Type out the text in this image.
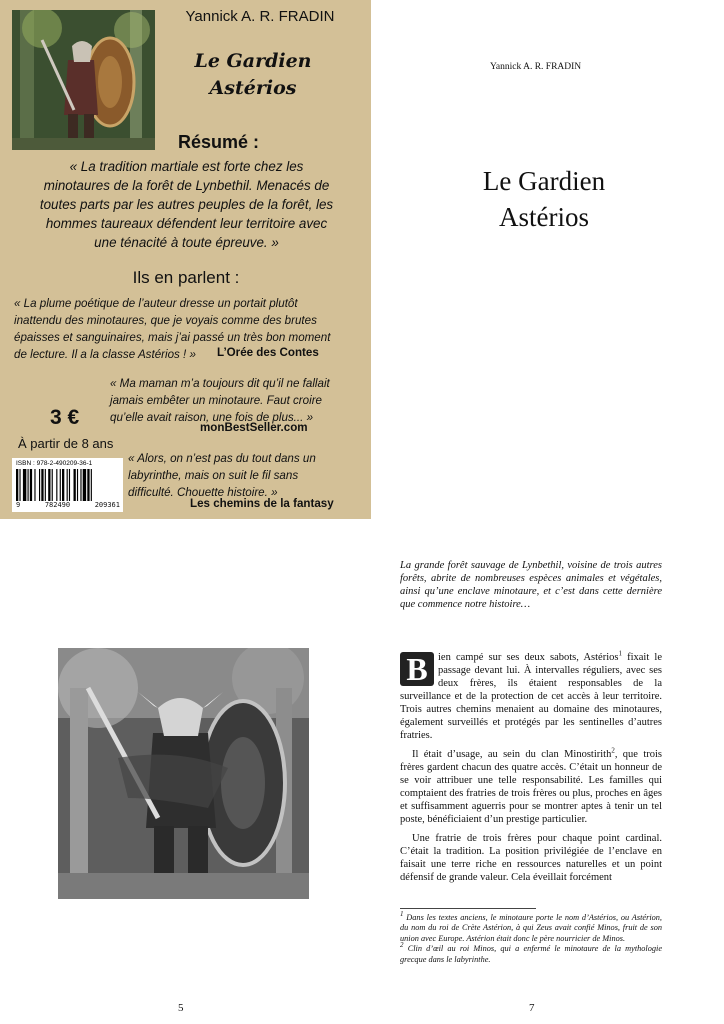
Yannick A. R. FRADIN
Le Gardien
Astérios
Résumé :
« La tradition martiale est forte chez les
minotaures de la forêt de Lynbethil. Menacés de
toutes parts par les autres peuples de la forêt, les
hommes taureaux défendent leur territoire avec
une ténacité à toute épreuve. »
Ils en parlent :
« La plume poétique de l’auteur dresse un portait plutôt
inattendu des minotaures, que je voyais comme des brutes
épaisses et sanguinaires, mais j’ai passé un très bon moment
de lecture. Il a la classe Astérios ! »	L’Orée des Contes
« Ma maman m’a toujours dit qu’il ne fallait
jamais embêter un minotaure. Faut croire
qu’elle avait raison, une fois de plus... »
monBestSeller.com
3 €
À partir de 8 ans
ISBN : 978-2-490209-36-1
9	782490	209361
« Alors, on n’est pas du tout dans un
labyrinthe, mais on suit le fil sans
difficulté. Chouette histoire. »
Les chemins de la fantasy
Yannick A. R. FRADIN
Le Gardien
Astérios
5
La grande forêt sauvage de Lynbethil, voisine de trois autres forêts, abrite de nombreuses espèces animales et végétales, ainsi qu’une enclave minotaure, et c’est dans cette dernière que commence notre histoire…

B ien campé sur ses deux sabots, Astérios$^1$ fixait le passage devant lui. À intervalles réguliers, avec ses deux frères, ils étaient responsables de la surveillance et de la protection de cet accès à leur territoire. Trois autres chemins menaient au domaine des minotaures, également surveillés et protégés par les sentinelles d’autres fratries.

Il était d’usage, au sein du clan Minostirith$^2$, que trois frères gardent chacun des quatre accès. C’était un honneur de se voir attribuer une telle responsabilité. Les familles qui comptaient des fratries de trois frères ou plus, proches en âges et suffisamment aguerris pour se montrer aptes à tenir un tel poste, bénéficiaient d’un prestige particulier.

Une fratrie de trois frères pour chaque point cardinal. C’était la tradition. La position privilégiée de l’enclave en faisait une terre riche en ressources naturelles et un point défensif de grande valeur. Cela éveillait forcément

$^1$ Dans les textes anciens, le minotaure porte le nom d’Astérios, ou Astérion, du nom du roi de Crète Astérion, à qui Zeus avait confié Minos, fruit de son union avec Europe. Astérion était donc le père nourricier de Minos.
$^2$ Clin d’œil au roi Minos, qui a enfermé le minotaure de la mythologie grecque dans le labyrinthe.
7
